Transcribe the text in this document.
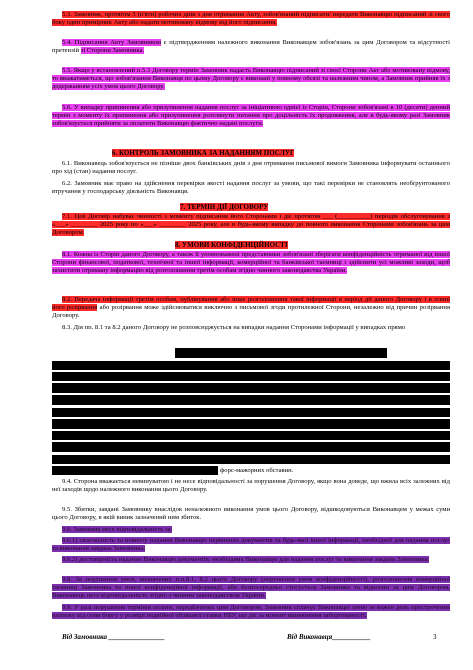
5.3. Замовник, протягом 5 (п'яти) робочих днів з дня отримання Акту, зобов'язаний підписати/ передати Виконавцю підписаний зі свого боку один примірник Акту або надати мотивовану відмову від його підписання.
5.4. Підписання Акту Замовником є підтвердженням належного виконання Виконавцем зобов'язань за цим Договором та відсутності претензій зі Сторони Замовника.
5.5. Якщо у встановлений п.5.3 Договору термін Замовник надасть Виконавцю підписаний зі своєї Сторони Акт або мотивовану відмову, то вважатиметься, що зобов'язання Виконавця по цьому Договору є виконані у повному обсязі та належним чином, а Замовник прийняв їх з додержанням усіх умов цього Договору.
5.6. У випадку припинення або призупинення надання послуг за ініціативою однієї із Сторін, Сторони зобов'язані в 10 (десяти) денний термін з моменту їх припинення або призупинення розглянути питання про доцільність їх продовження, але в будь-якому разі Замовник зобов'язується прийняти за оплатити Виконавцю фактично надані послуги.
6. КОНТРОЛЬ ЗАМОВНИКА ЗА НАДАННЯМ ПОСЛУГ
6.1. Виконавець зобов'язується не пізніше двох банківських днів з дня отримання письмової вимоги Замовника інформувати останнього про хід (стан) надання послуг.
6.2. Замовник має право на здійснення перевірки якості надання послуг за умови, що такі перевірки не становлять необґрунтованого втручання у господарську діяльність Виконавця.
7. ТЕРМІН ДІЇ ДОГОВОРУ
7.1. Цей Договір набуває чинності з моменту підписання його Сторонами і діє протягом ___ (__________) періодів обслуговування з «___» ________ 2025 року по «___» ________ 2025 року, але в будь-якому випадку до повного виконання Сторонами зобов'язань за цим Договором.
8. УМОВИ КОНФІДЕНЦІЙНОСТІ
8.1. Кожна із Сторін даного Договору, а також її уповноважені представники зобов'язані зберігати конфіденційність отриманої від іншої Сторони фінансової, податкової, технічної та іншої інформації, комерційної та банківської таємниці і здійснити усі можливі заходи, щоб захистити отриману інформацію від розголошення третім особам згідно чинного законодавства України.
8.2. Передача інформації третім особам, публікування або інше розголошення такої інформації в період дії даного Договору і в плині його розірвання або розірвання може здійснюватися виключно з письмової згоди протилежної Сторони, незалежно від причин розірвання Договору.
8.3. Дія пп. 8.1 та 8.2 даного Договору не розповсюджується на випадки надання Сторонами інформації у випадках прямо
форс-мажорних обставин.
9.4. Сторона вважається невинуватою і не несе відповідальності за порушення Договору, якщо вона доведе, що вжила всіх залежних від неї заходів щодо належного виконання цього Договору.
9.5. Збитки, завдані Замовнику внаслідок неналежного виконання умов цього Договору, відшкодовуються Виконавцем у межах суми цього Договору, в якій виник зазначений ним збиток.
9.6. Замовник несе відповідальність за:
9.6.1) своєчасність та повноту надання Виконавцю первинних документів та будь-якої іншої інформації, необхідної для надання послуг та виконання завдань Замовника;
9.6.2) достовірність наданих Виконавцю документів, необхідних Виконавцю для надання послуг та виконання завдань Замовника;
9.8. За порушення умов, визначених п.п.8.1, 8.2 цього Договору (порушення умов конфіденційності), розголошення комерційної таємниці Замовника та іншої конфіденційної інформації, або безпосередньо стосується Замовника та відносин за цим Договором, Виконавець несе відповідальність згідно з чинним законодавством України.
9.9. У разі порушення термінів оплати, передбачених цим Договором, Замовник сплачує Виконавцю пеню за кожен день прострочення платежу від суми боргу у розмірі подвійної облікової ставки НБУ, що діє за момент виникнення заборгованості.
Від Замовника ________________	Від Виконавця___________	3
